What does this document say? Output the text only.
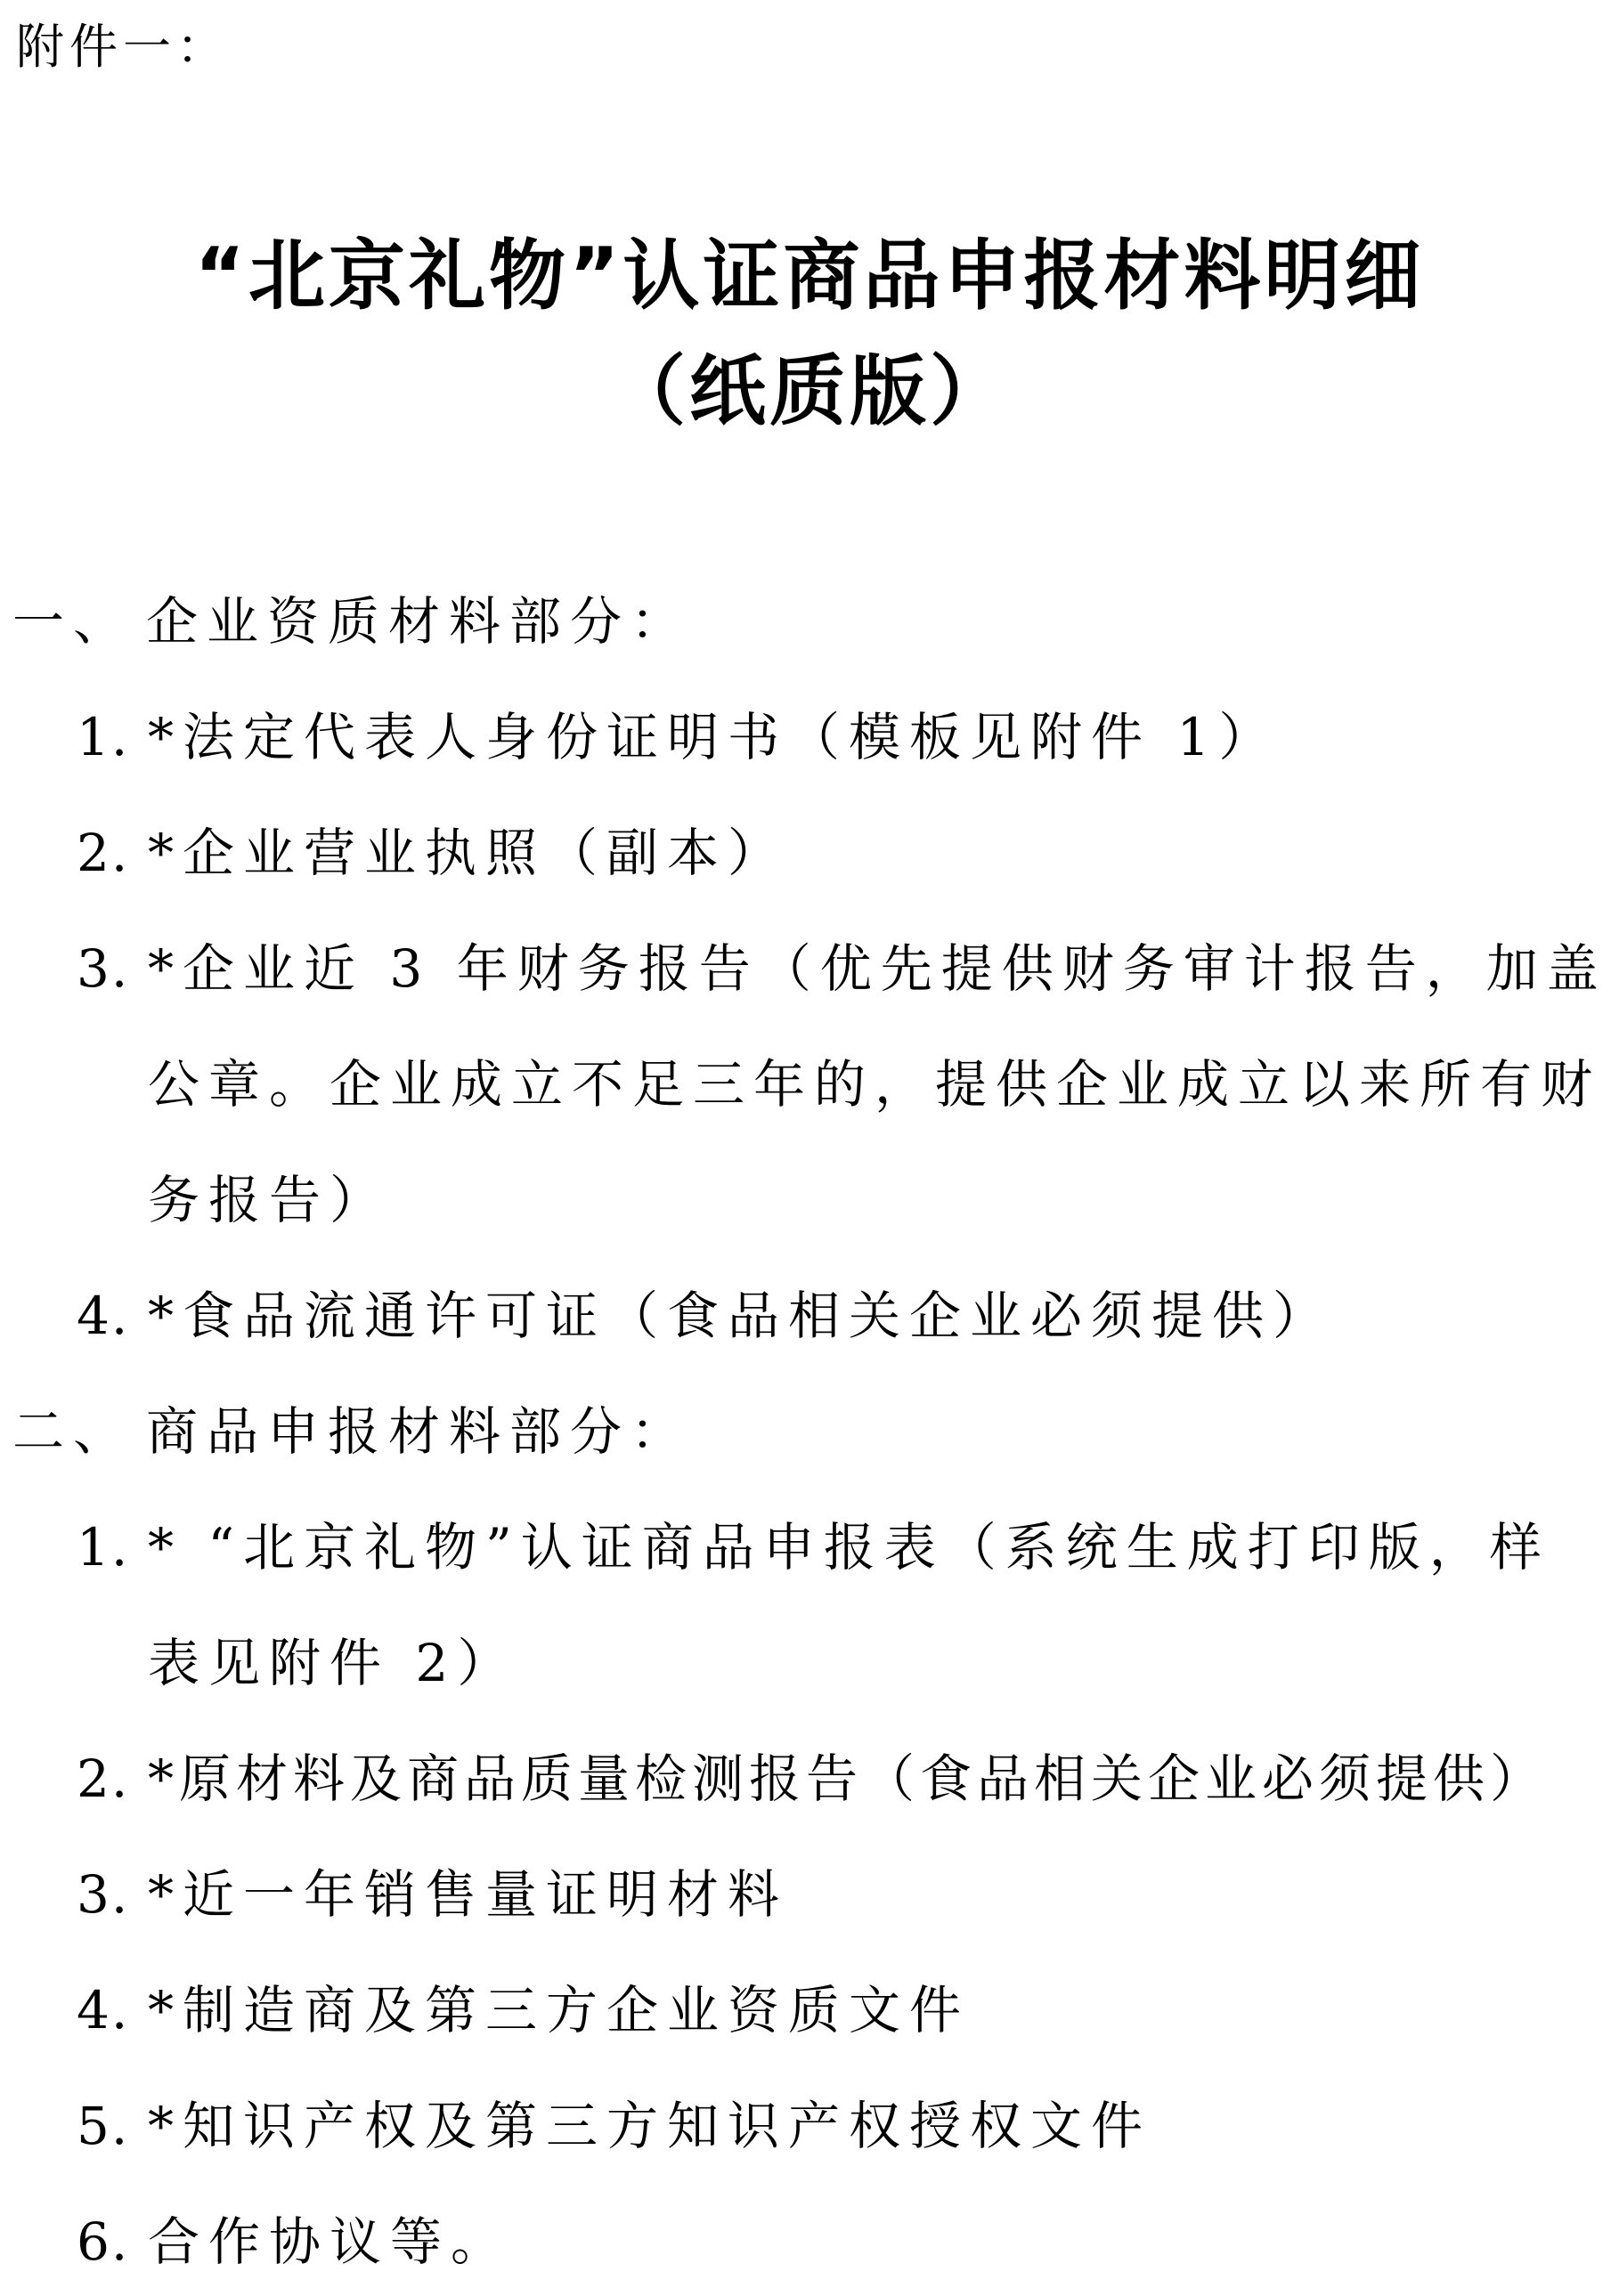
附件一：
“北京礼物”认证商品申报材料明细
（纸质版）
一、 企业资质材料部分：
1. *法定代表人身份证明书（模板见附件 1）
2. *企业营业执照（副本）
3. *企业近 3 年财务报告（优先提供财务审计报告，加盖
公章。企业成立不足三年的，提供企业成立以来所有财
务报告）
4. *食品流通许可证（食品相关企业必须提供）
二、 商品申报材料部分：
1. * “北京礼物”认证商品申报表（系统生成打印版，样
表见附件 2）
2. *原材料及商品质量检测报告（食品相关企业必须提供）
3. *近一年销售量证明材料
4. *制造商及第三方企业资质文件
5. *知识产权及第三方知识产权授权文件
6. 合作协议等。
